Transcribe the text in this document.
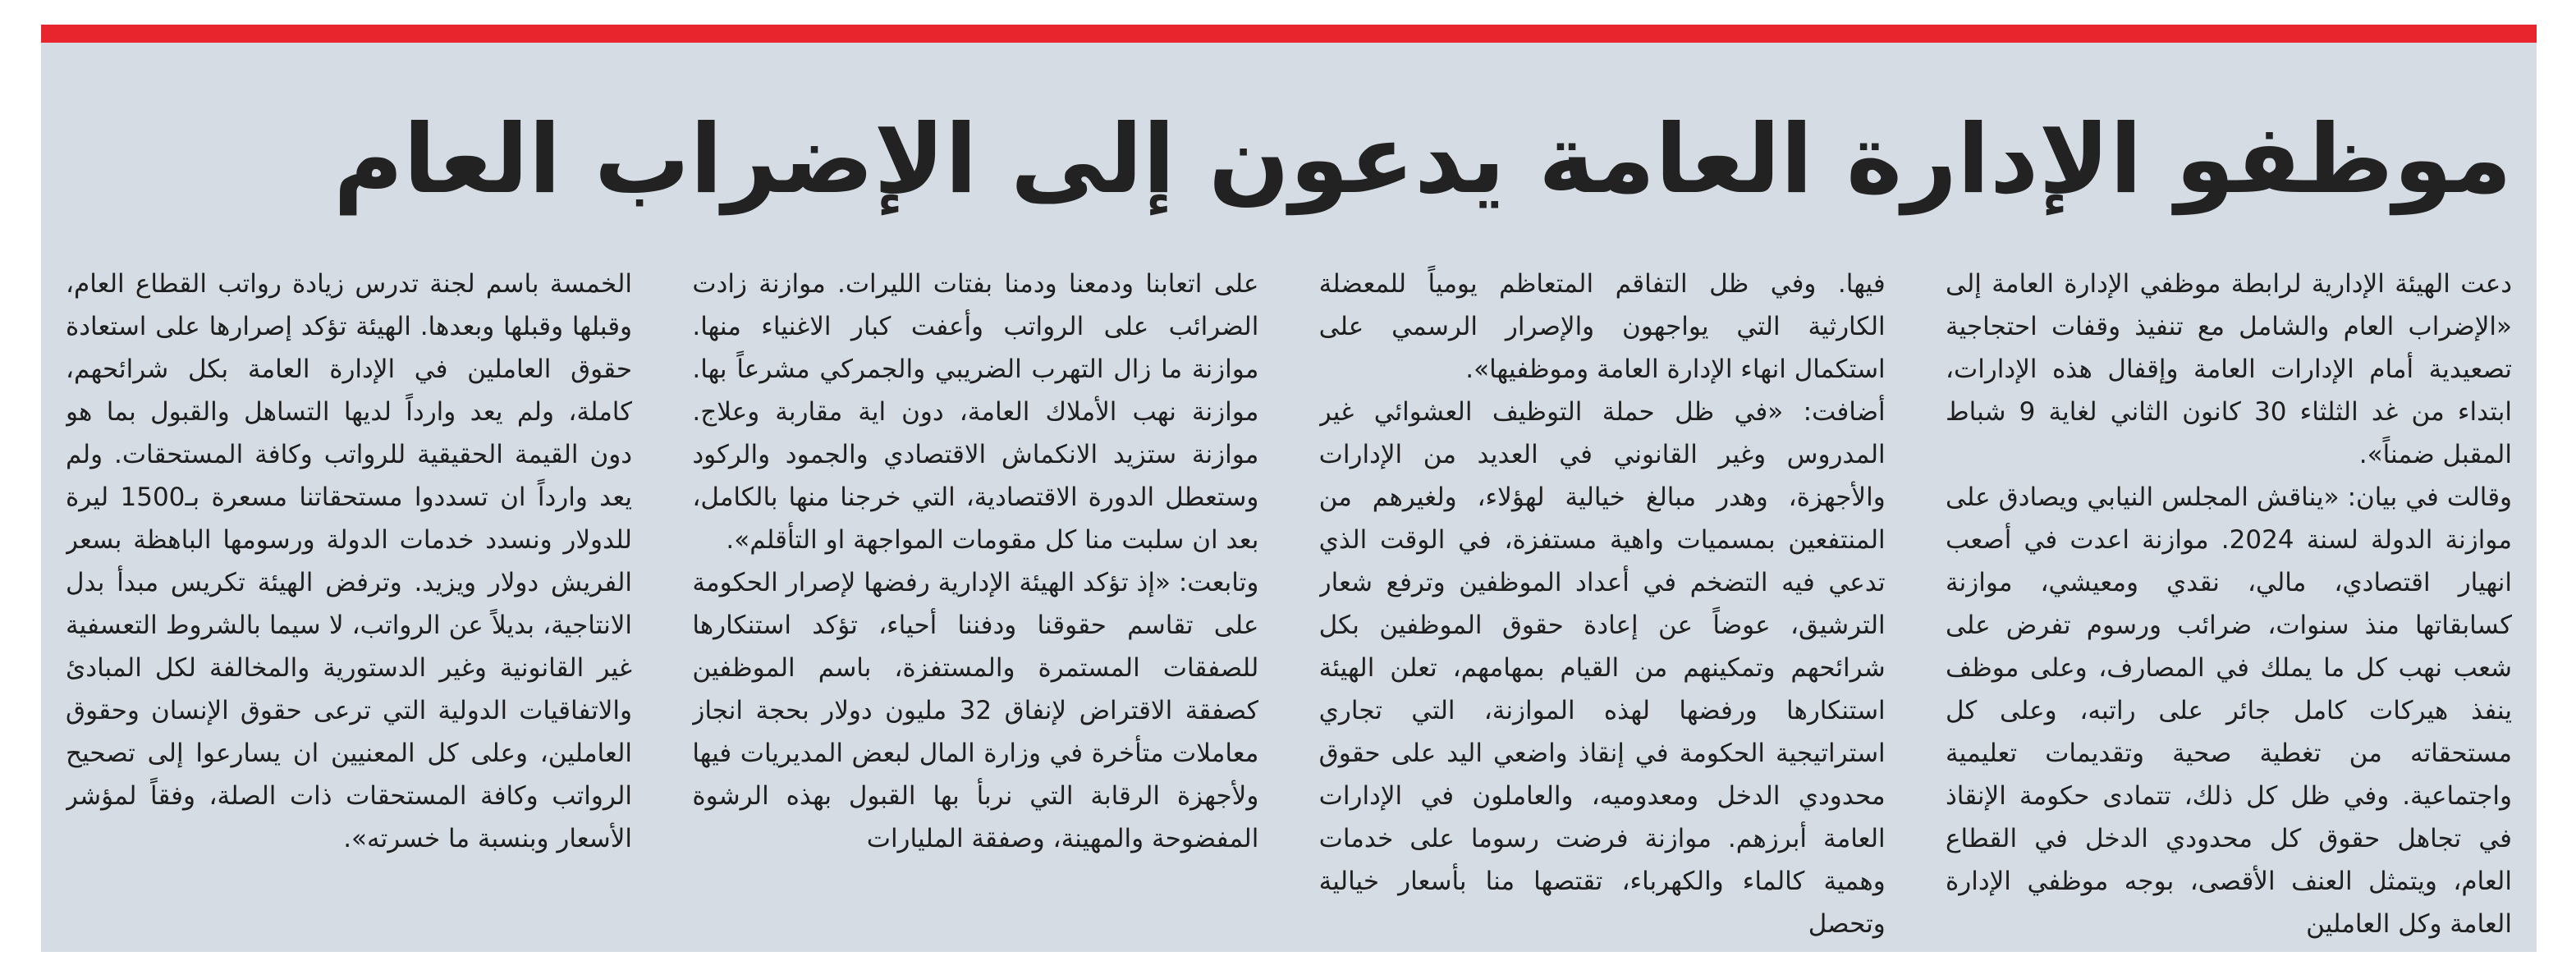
موظفو الإدارة العامة يدعون إلى الإضراب العام

دعت الهيئة الإدارية لرابطة موظفي الإدارة العامة إلى «الإضراب العام والشامل مع تنفيذ وقفات احتجاجية تصعيدية أمام الإدارات العامة وإقفال هذه الإدارات، ابتداء من غد الثلثاء 30 كانون الثاني لغاية 9 شباط المقبل ضمناً».

وقالت في بيان: «يناقش المجلس النيابي ويصادق على موازنة الدولة لسنة 2024. موازنة اعدت في أصعب انهيار اقتصادي، مالي، نقدي ومعيشي، موازنة كسابقاتها منذ سنوات، ضرائب ورسوم تفرض على شعب نهب كل ما يملك في المصارف، وعلى موظف ينفذ هيركات كامل جائر على راتبه، وعلى كل مستحقاته من تغطية صحية وتقديمات تعليمية واجتماعية. وفي ظل كل ذلك، تتمادى حكومة الإنقاذ في تجاهل حقوق كل محدودي الدخل في القطاع العام، ويتمثل العنف الأقصى، بوجه موظفي الإدارة العامة وكل العاملين

فيها. وفي ظل التفاقم المتعاظم يومياً للمعضلة الكارثية التي يواجهون والإصرار الرسمي على استكمال انهاء الإدارة العامة وموظفيها».

أضافت: «في ظل حملة التوظيف العشوائي غير المدروس وغير القانوني في العديد من الإدارات والأجهزة، وهدر مبالغ خيالية لهؤلاء، ولغيرهم من المنتفعين بمسميات واهية مستفزة، في الوقت الذي تدعي فيه التضخم في أعداد الموظفين وترفع شعار الترشيق، عوضاً عن إعادة حقوق الموظفين بكل شرائحهم وتمكينهم من القيام بمهامهم، تعلن الهيئة استنكارها ورفضها لهذه الموازنة، التي تجاري استراتيجية الحكومة في إنقاذ واضعي اليد على حقوق محدودي الدخل ومعدوميه، والعاملون في الإدارات العامة أبرزهم. موازنة فرضت رسوما على خدمات وهمية كالماء والكهرباء، تقتصها منا بأسعار خيالية وتحصل

على اتعابنا ودمعنا ودمنا بفتات الليرات. موازنة زادت الضرائب على الرواتب وأعفت كبار الاغنياء منها. موازنة ما زال التهرب الضريبي والجمركي مشرعاً بها. موازنة نهب الأملاك العامة، دون اية مقاربة وعلاج. موازنة ستزيد الانكماش الاقتصادي والجمود والركود وستعطل الدورة الاقتصادية، التي خرجنا منها بالكامل، بعد ان سلبت منا كل مقومات المواجهة او التأقلم».

وتابعت: «إذ تؤكد الهيئة الإدارية رفضها لإصرار الحكومة على تقاسم حقوقنا ودفننا أحياء، تؤكد استنكارها للصفقات المستمرة والمستفزة، باسم الموظفين كصفقة الاقتراض لإنفاق 32 مليون دولار بحجة انجاز معاملات متأخرة في وزارة المال لبعض المديريات فيها ولأجهزة الرقابة التي نربأ بها القبول بهذه الرشوة المفضوحة والمهينة، وصفقة المليارات

الخمسة باسم لجنة تدرس زيادة رواتب القطاع العام، وقبلها وقبلها وبعدها. الهيئة تؤكد إصرارها على استعادة حقوق العاملين في الإدارة العامة بكل شرائحهم، كاملة، ولم يعد وارداً لديها التساهل والقبول بما هو دون القيمة الحقيقية للرواتب وكافة المستحقات. ولم يعد وارداً ان تسددوا مستحقاتنا مسعرة بـ1500 ليرة للدولار ونسدد خدمات الدولة ورسومها الباهظة بسعر الفريش دولار ويزيد. وترفض الهيئة تكريس مبدأ بدل الانتاجية، بديلاً عن الرواتب، لا سيما بالشروط التعسفية غير القانونية وغير الدستورية والمخالفة لكل المبادئ والاتفاقيات الدولية التي ترعى حقوق الإنسان وحقوق العاملين، وعلى كل المعنيين ان يسارعوا إلى تصحيح الرواتب وكافة المستحقات ذات الصلة، وفقاً لمؤشر الأسعار وبنسبة ما خسرته».
